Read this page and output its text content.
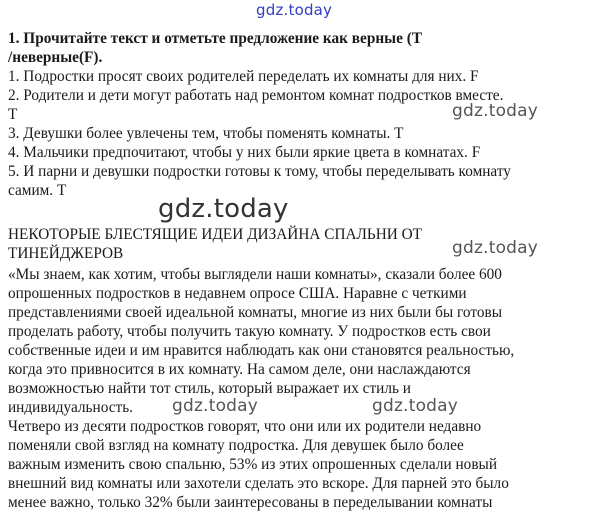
gdz.today
1. Прочитайте текст и отметьте предложение как верные (T
/неверные(F).
1. Подростки просят своих родителей переделать их комнаты для них. F
2. Родители и дети могут работать над ремонтом комнат подростков вместе.
T
3. Девушки более увлечены тем, чтобы поменять комнаты. T
4. Мальчики предпочитают, чтобы у них были яркие цвета в комнатах. F
5. И парни и девушки подростки готовы к тому, чтобы переделывать комнату
самим. T
НЕКОТОРЫЕ БЛЕСТЯЩИЕ ИДЕИ ДИЗАЙНА СПАЛЬНИ ОТ
ТИНЕЙДЖЕРОВ
«Мы знаем, как хотим, чтобы выглядели наши комнаты», сказали более 600
опрошенных подростков в недавнем опросе США. Наравне с четкими
представлениями своей идеальной комнаты, многие из них были бы готовы
проделать работу, чтобы получить такую комнату. У подростков есть свои
собственные идеи и им нравится наблюдать как они становятся реальностью,
когда это привносится в их комнату. На самом деле, они наслаждаются
возможностью найти тот стиль, который выражает их стиль и
индивидуальность.
Четверо из десяти подростков говорят, что они или их родители недавно
поменяли свой взгляд на комнату подростка. Для девушек было более
важным изменить свою спальню, 53% из этих опрошенных сделали новый
внешний вид комнаты или захотели сделать это вскоре. Для парней это было
менее важно, только 32% были заинтересованы в переделывании комнаты
gdz.today
gdz.today
gdz.today
gdz.today	gdz.today
